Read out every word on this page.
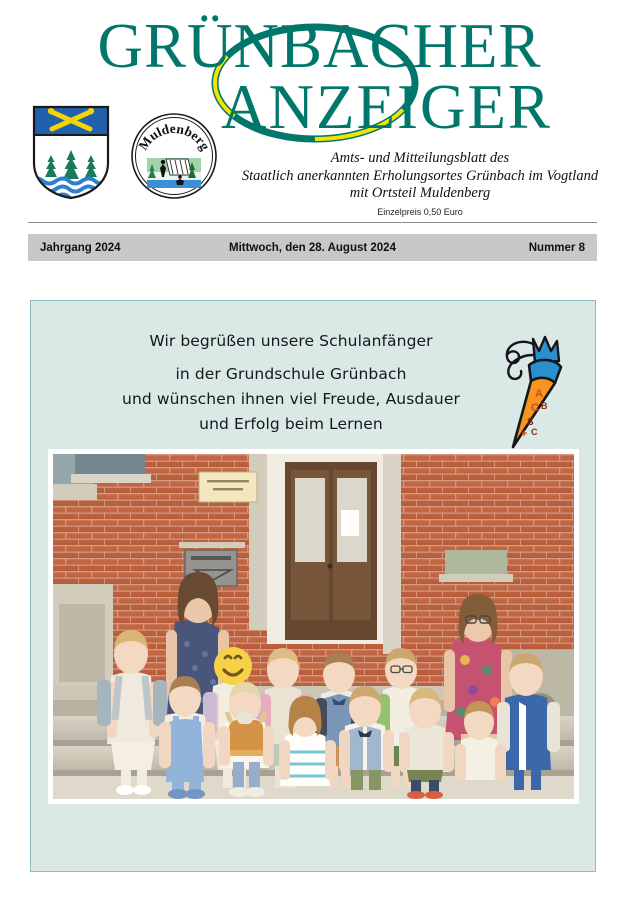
GRÜNBACHER
ANZEIGER
Muldenberg
Amts- und Mitteilungsblatt des
Staatlich anerkannten Erholungsortes Grünbach im Vogtland
mit Ortsteil Muldenberg
Einzelpreis 0,50 Euro
Jahrgang 2024	Mittwoch, den 28. August 2024	Nummer 8
Wir begrüßen unsere Schulanfänger
in der Grundschule Grünbach
und wünschen ihnen viel Freude, Ausdauer
und Erfolg beim Lernen
A
C B
S
+ C
